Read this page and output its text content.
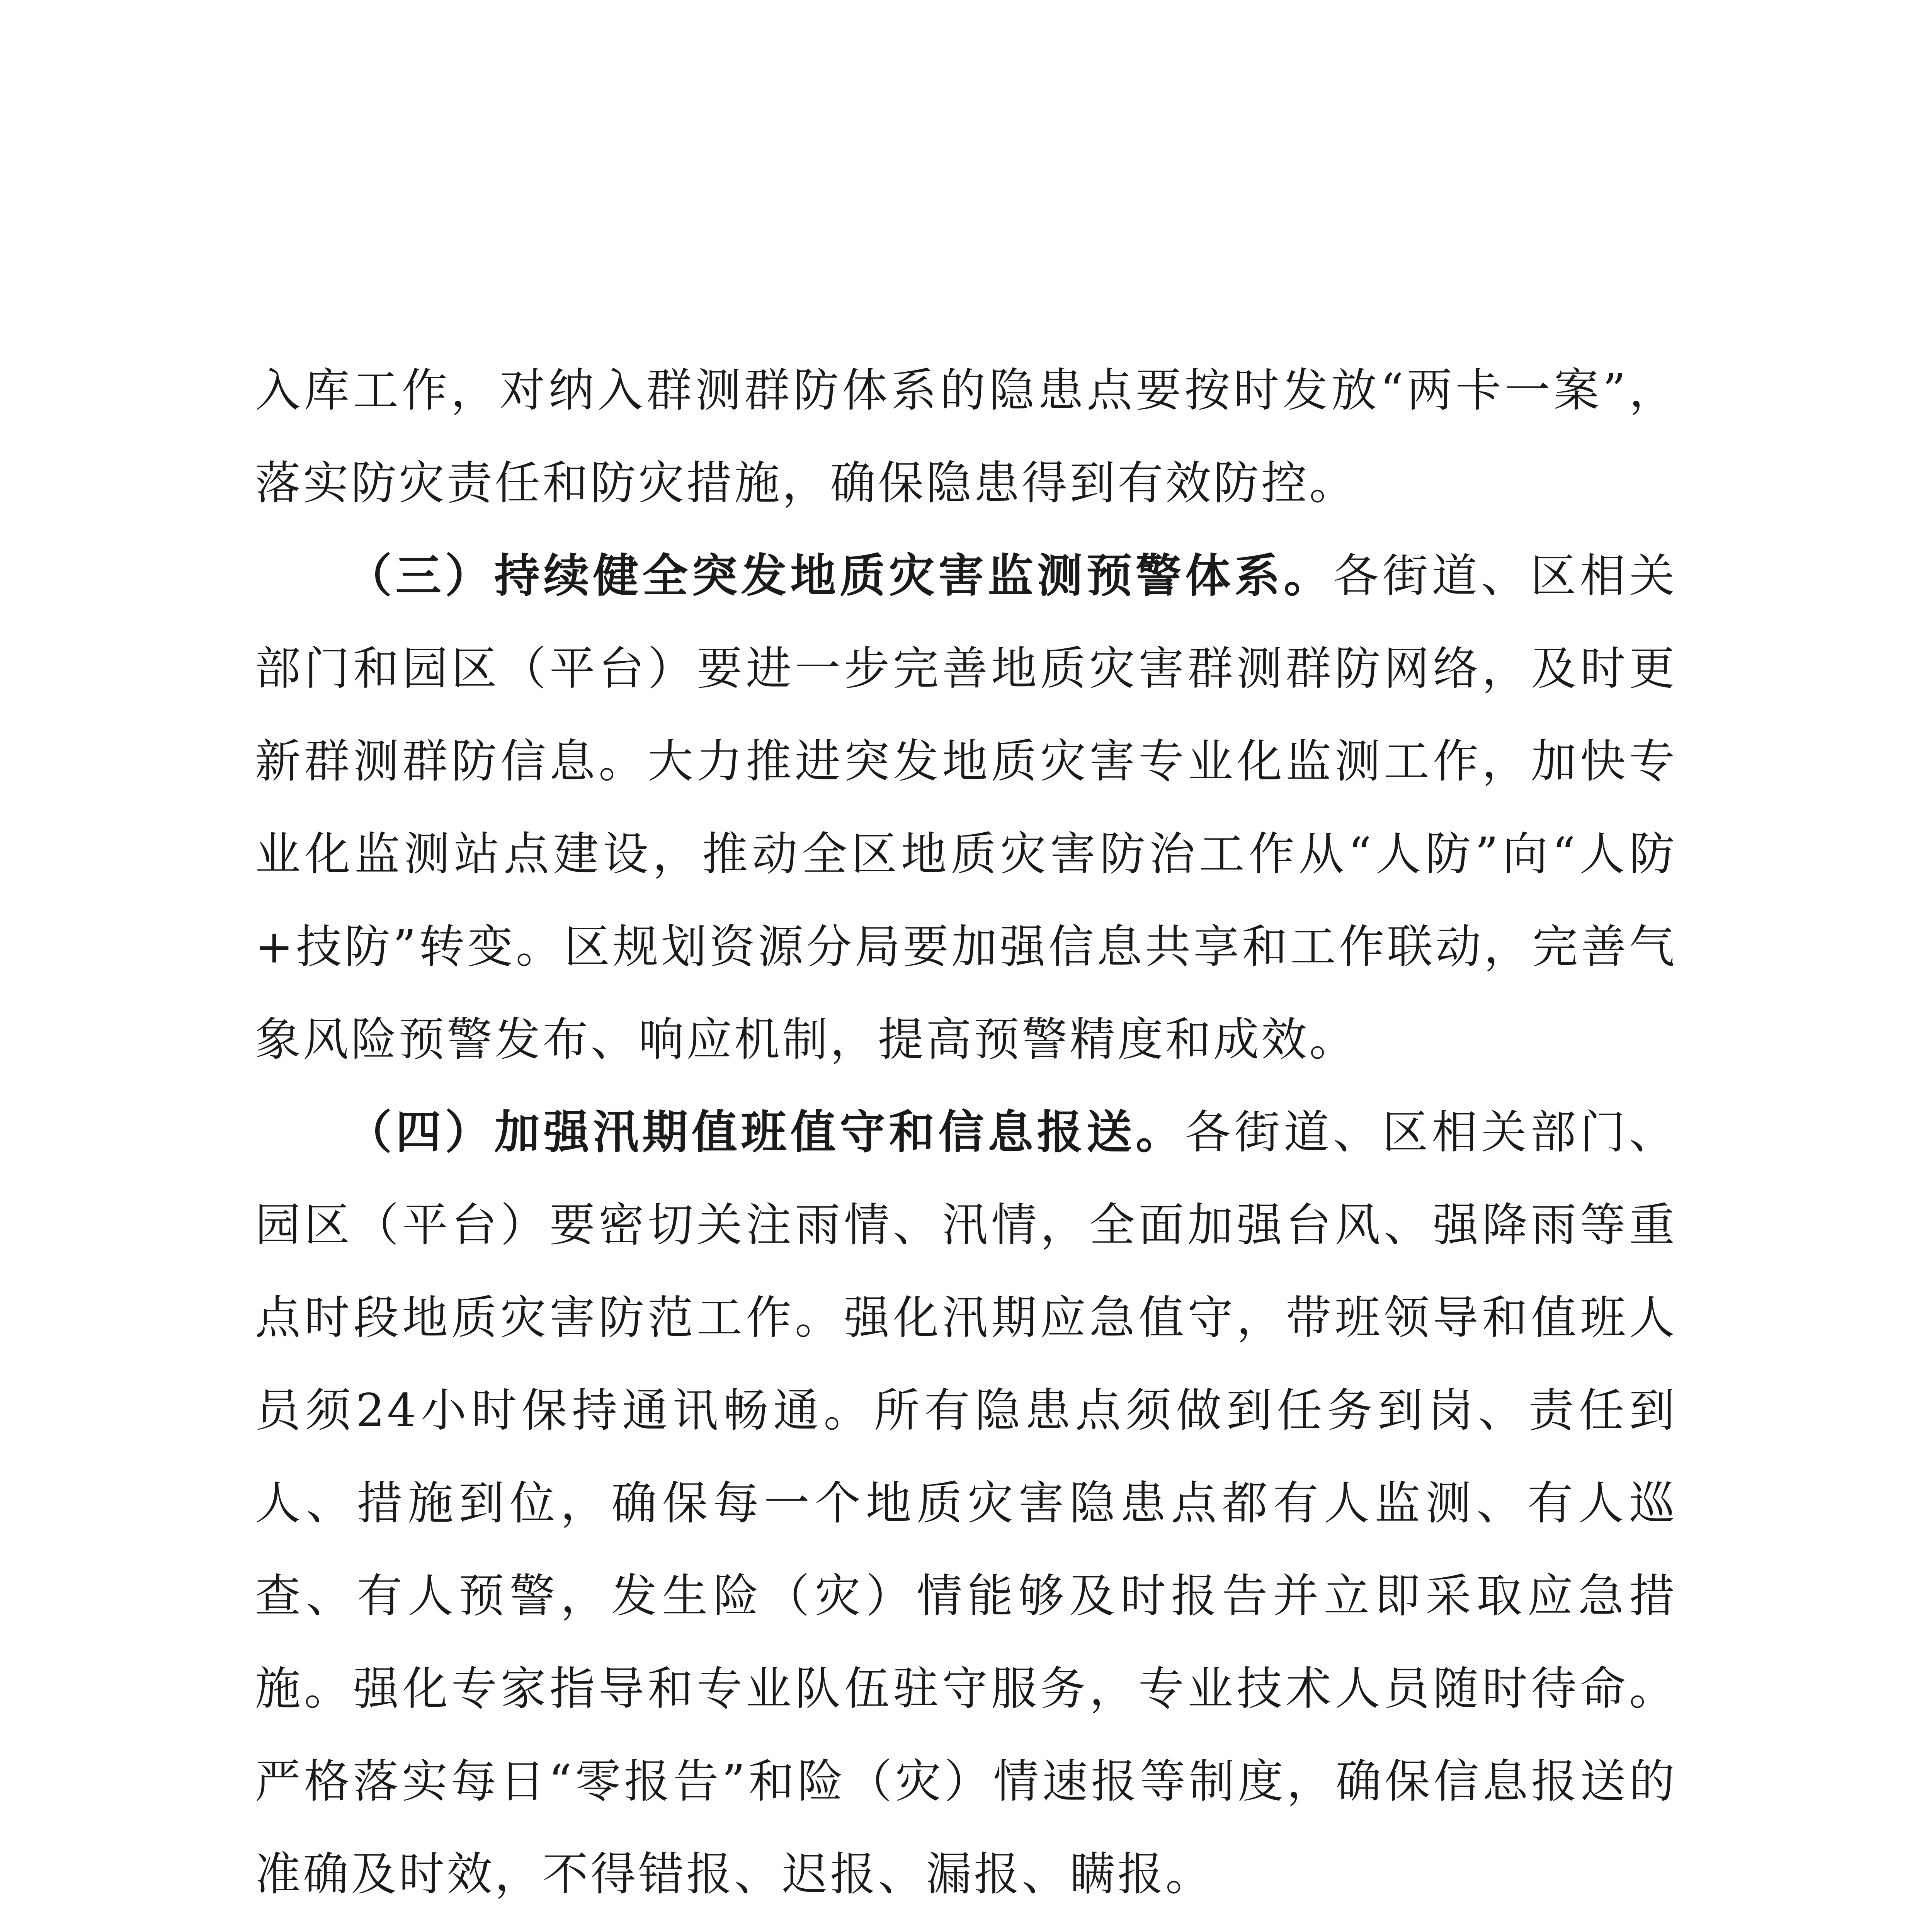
入库工作，对纳入群测群防体系的隐患点要按时发放“两卡一案”，落实防灾责任和防灾措施，确保隐患得到有效防控。

（三）持续健全突发地质灾害监测预警体系。各街道、区相关部门和园区（平台）要进一步完善地质灾害群测群防网络，及时更新群测群防信息。大力推进突发地质灾害专业化监测工作，加快专业化监测站点建设，推动全区地质灾害防治工作从“人防”向“人防+技防”转变。区规划资源分局要加强信息共享和工作联动，完善气象风险预警发布、响应机制，提高预警精度和成效。

（四）加强汛期值班值守和信息报送。各街道、区相关部门、园区（平台）要密切关注雨情、汛情，全面加强台风、强降雨等重点时段地质灾害防范工作。强化汛期应急值守，带班领导和值班人员须24小时保持通讯畅通。所有隐患点须做到任务到岗、责任到人、措施到位，确保每一个地质灾害隐患点都有人监测、有人巡查、有人预警，发生险（灾）情能够及时报告并立即采取应急措施。强化专家指导和专业队伍驻守服务，专业技术人员随时待命。严格落实每日“零报告”和险（灾）情速报等制度，确保信息报送的准确及时效，不得错报、迟报、漏报、瞒报。
